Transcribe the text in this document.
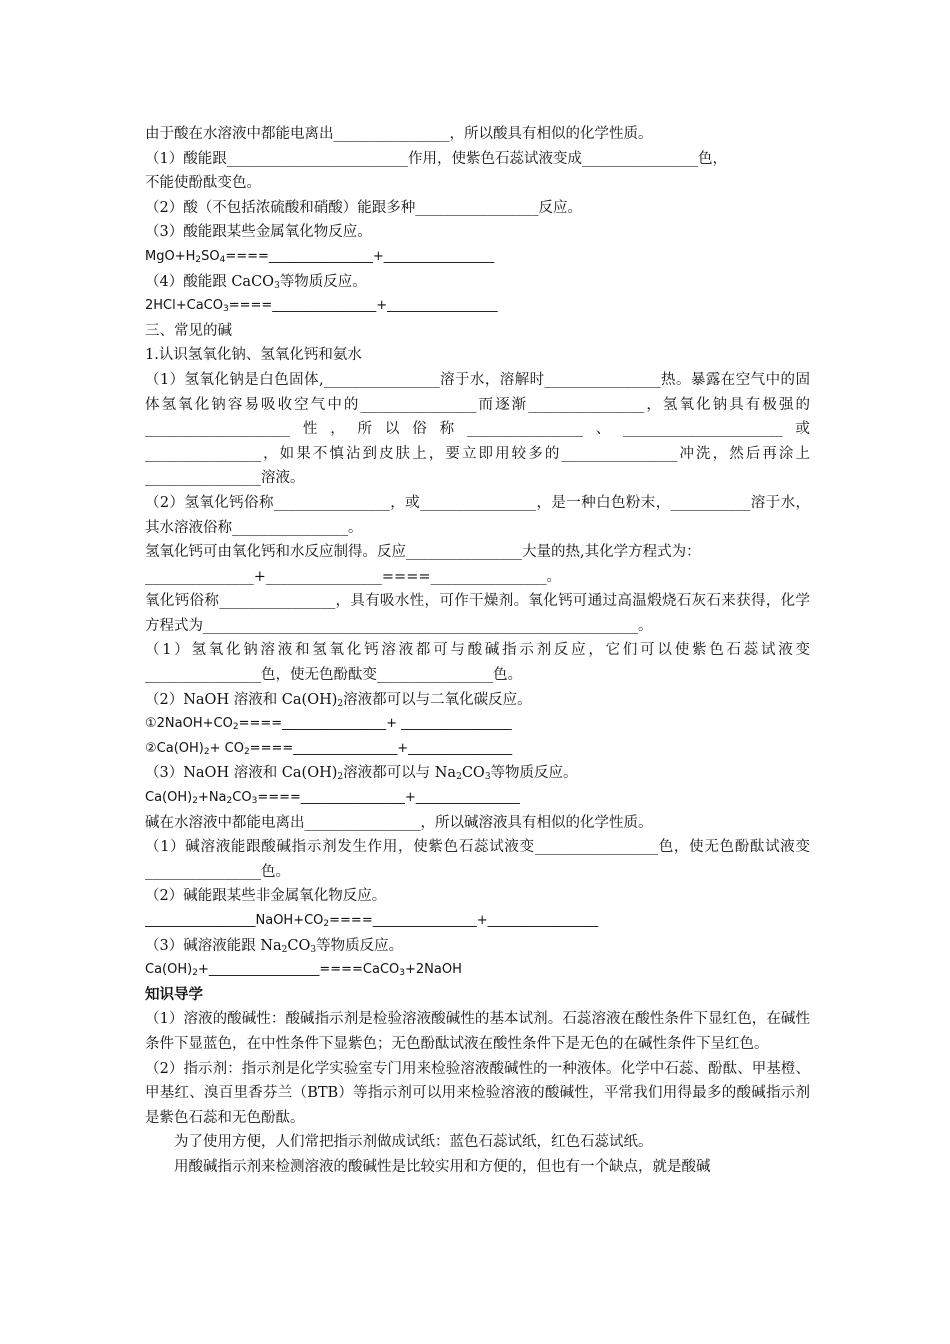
由于酸在水溶液中都能电离出________________，所以酸具有相似的化学性质。
（1）酸能跟_________________________作用，使紫色石蕊试液变成________________色，
不能使酚酞变色。
（2）酸（不包括浓硫酸和硝酸）能跟多种_________________反应。
（3）酸能跟某些金属氧化物反应。
$MgO+H_2SO_4====\_\_\_\_\_\_\_\_\_\_\_\_\_\_\_\_+\_\_\_\_\_\_\_\_\_\_\_\_\_\_\_\_\_$
（4）酸能跟 CaCO$_3$等物质反应。
2HCl+CaCO$_3$====________________+_________________
三、常见的碱
1.认识氢氧化钠、氢氧化钙和氨水
（1）氢氧化钠是白色固体,________________溶于水，溶解时________________热。暴露在空气中的固体氢氧化钠容易吸收空气中的________________而逐渐________________，氢氧化钠具有极强的____________________性，所以俗称________________、______________________或________________，如果不慎沾到皮肤上，要立即用较多的________________冲洗，然后再涂上________________溶液。
（2）氢氧化钙俗称________________，或________________，是一种白色粉末，___________溶于水，其水溶液俗称________________。
氢氧化钙可由氧化钙和水反应制得。反应________________大量的热,其化学方程式为：
_______________+________________====________________。
氧化钙俗称________________，具有吸水性，可作干燥剂。氧化钙可通过高温煅烧石灰石来获得，化学方程式为____________________________________________________________。
（1）氢氧化钠溶液和氢氧化钙溶液都可与酸碱指示剂反应，它们可以使紫色石蕊试液变________________色，使无色酚酞变________________色。
（2）NaOH 溶液和 $Ca(OH)_2$溶液都可以与二氧化碳反应。
$①2NaOH+CO_2====\_\_\_\_\_\_\_\_\_\_\_\_\_\_\_\_+$ _________________
$②Ca(OH)_2+$ $CO_2====\_\_\_\_\_\_\_\_\_\_\_\_\_\_\_\_+\_\_\_\_\_\_\_\_\_\_\_\_\_\_\_\_$
（3）NaOH 溶液和 $Ca(OH)_2$溶液都可以与 $Na_2CO_3$等物质反应。
$Ca(OH)_2+Na_2CO_3====\_\_\_\_\_\_\_\_\_\_\_\_\_\_\_\_+\_\_\_\_\_\_\_\_\_\_\_\_\_\_\_\_$
碱在水溶液中都能电离出________________，所以碱溶液具有相似的化学性质。
（1）碱溶液能跟酸碱指示剂发生作用，使紫色石蕊试液变_________________色，使无色酚酞试液变________________色。
（2）碱能跟某些非金属氧化物反应。
$\_\_\_\_\_\_\_\_\_\_\_\_\_\_\_\_\_NaOH+CO_2====\_\_\_\_\_\_\_\_\_\_\_\_\_\_\_\_+\_\_\_\_\_\_\_\_\_\_\_\_\_\_\_\_\_$
（3）碱溶液能跟 $Na_2CO_3$等物质反应。
$Ca(OH)_2+\_\_\_\_\_\_\_\_\_\_\_\_\_\_\_\_\_====CaCO_3+2NaOH$
知识导学
（1）溶液的酸碱性：酸碱指示剂是检验溶液酸碱性的基本试剂。石蕊溶液在酸性条件下显红色，在碱性条件下显蓝色，在中性条件下显紫色；无色酚酞试液在酸性条件下是无色的在碱性条件下呈红色。
（2）指示剂：指示剂是化学实验室专门用来检验溶液酸碱性的一种液体。化学中石蕊、酚酞、甲基橙、甲基红、溴百里香芬兰（BTB）等指示剂可以用来检验溶液的酸碱性，平常我们用得最多的酸碱指示剂是紫色石蕊和无色酚酞。
为了使用方便，人们常把指示剂做成试纸：蓝色石蕊试纸，红色石蕊试纸。
用酸碱指示剂来检测溶液的酸碱性是比较实用和方便的，但也有一个缺点，就是酸碱
